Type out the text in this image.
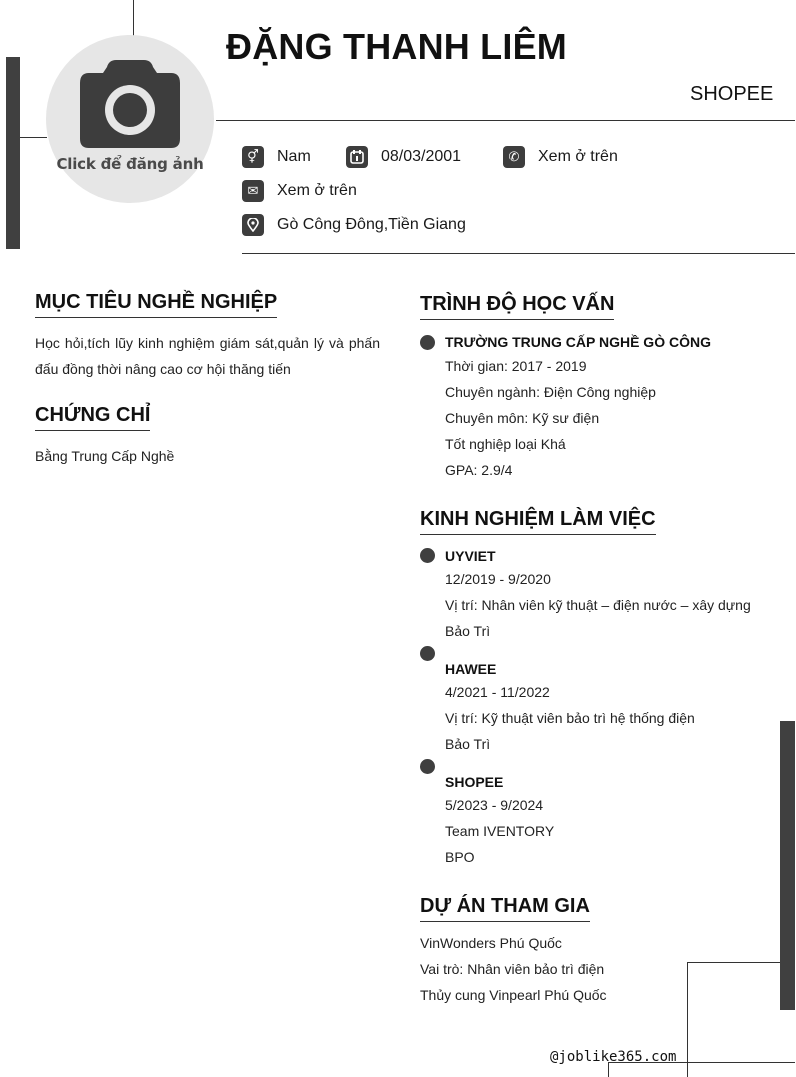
Click để đăng ảnh
ĐẶNG THANH LIÊM
SHOPEE
⚥	Nam	08/03/2001	✆	Xem ở trên
✉	Xem ở trên
Gò Công Đông,Tiền Giang
MỤC TIÊU NGHỀ NGHIỆP
Học hỏi,tích lũy kinh nghiệm giám sát,quản lý và phấn đấu đồng thời nâng cao cơ hội thăng tiến
CHỨNG CHỈ
Bằng Trung Cấp Nghề
TRÌNH ĐỘ HỌC VẤN
TRƯỜNG TRUNG CẤP NGHỀ GÒ CÔNG
Thời gian: 2017 - 2019
Chuyên ngành: Điện Công nghiệp
Chuyên môn: Kỹ sư điện
Tốt nghiệp loại Khá
GPA: 2.9/4
KINH NGHIỆM LÀM VIỆC
UYVIET
12/2019 - 9/2020
Vị trí: Nhân viên kỹ thuật – điện nước – xây dựng
Bảo Trì
HAWEE
4/2021 - 11/2022
Vị trí: Kỹ thuật viên bảo trì hệ thống điện
Bảo Trì
SHOPEE
5/2023 - 9/2024
Team IVENTORY
BPO
DỰ ÁN THAM GIA
VinWonders Phú Quốc
Vai trò: Nhân viên bảo trì điện
Thủy cung Vinpearl Phú Quốc
@joblike365.com
